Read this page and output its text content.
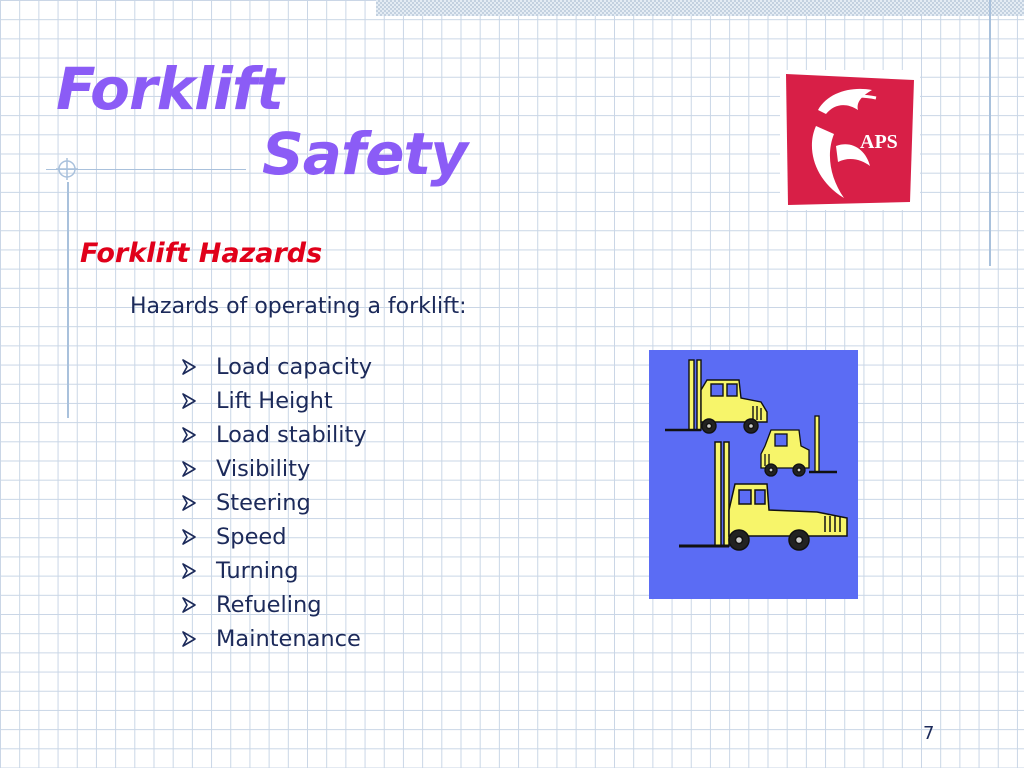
Forklift
Safety	APS
Forklift Hazards
Hazards of operating a forklift:
Load capacity
Lift Height
Load stability
Visibility
Steering
Speed
Turning
Refueling
Maintenance
7
